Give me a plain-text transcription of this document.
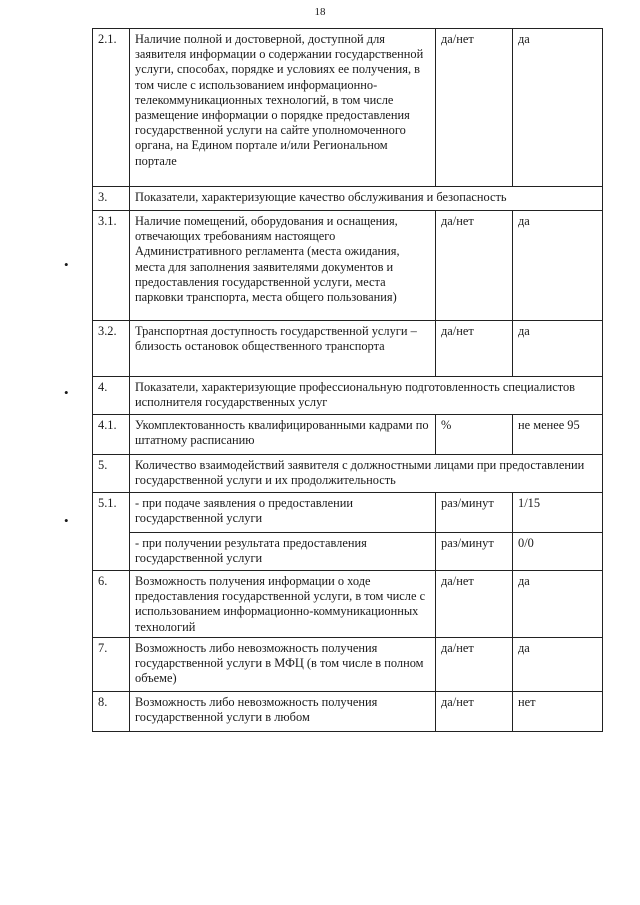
18
•
•
•
2.1.	Наличие полной и достоверной, доступной для заявителя информации о содержании государственной услуги, способах, порядке и условиях ее получения, в том числе с использованием информационно-телекоммуникационных технологий, в том числе размещение информации о порядке предоставления государственной услуги на сайте уполномоченного органа, на Едином портале и/или Региональном портале	да/нет	да
3.	Показатели, характеризующие качество обслуживания и безопасность		
3.1.	Наличие помещений, оборудования и оснащения, отвечающих требованиям настоящего Административного регламента (места ожидания, места для заполнения заявителями документов и предоставления государственной услуги, места парковки транспорта, места общего пользования)	да/нет	да
3.2.	Транспортная доступность государственной услуги – близость остановок общественного транспорта	да/нет	да
4.	Показатели, характеризующие профессиональную подготовленность специалистов исполнителя государственных услуг		
4.1.	Укомплектованность квалифицированными кадрами по штатному расписанию	%	не менее 95
5.	Количество взаимодействий заявителя с должностными лицами при предоставлении государственной услуги и их продолжительность		
5.1.	- при подаче заявления о предоставлении государственной услуги	раз/минут	1/15
	- при получении результата предоставления государственной услуги	раз/минут	0/0
6.	Возможность получения информации о ходе предоставления государственной услуги, в том числе с использованием информационно-коммуникационных технологий	да/нет	да
7.	Возможность либо невозможность получения государственной услуги в МФЦ (в том числе в полном объеме)	да/нет	да
8.	Возможность либо невозможность получения государственной услуги в любом	да/нет	нет
